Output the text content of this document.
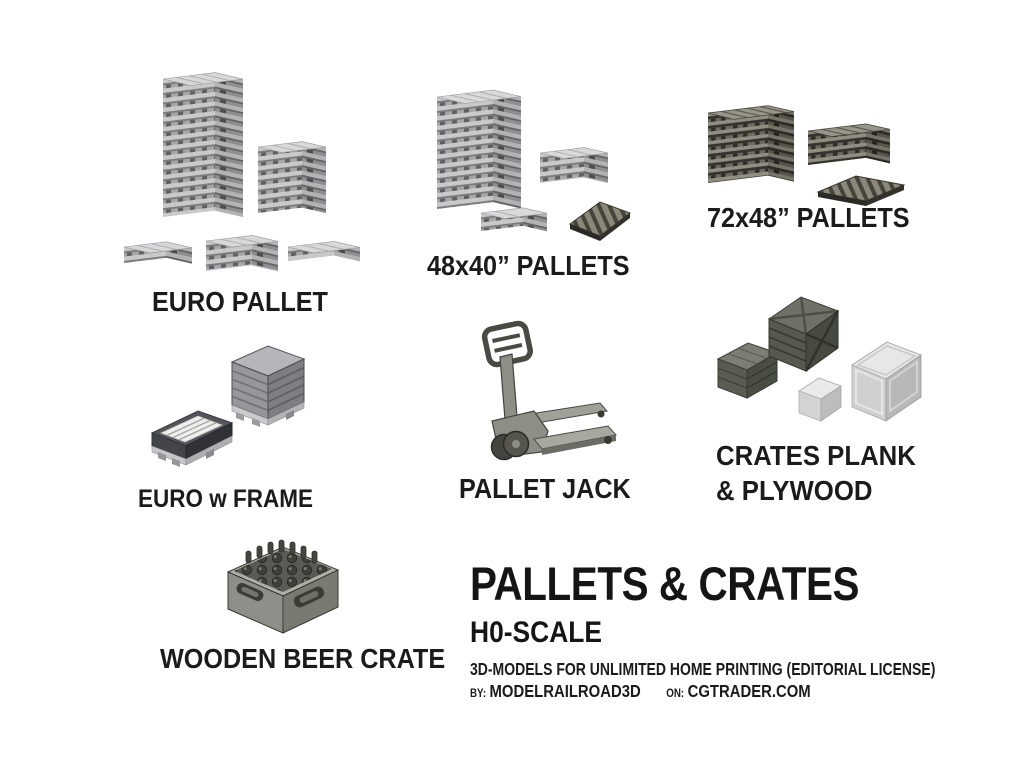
EURO PALLET
48x40” PALLETS
72x48” PALLETS
EURO w FRAME	PALLET JACK
CRATES PLANK
& PLYWOOD
WOODEN BEER CRATE
PALLETS & CRATES
H0-SCALE
3D-MODELS FOR UNLIMITED HOME PRINTING (EDITORIAL LICENSE)
BY: MODELRAILROAD3D ON: CGTRADER.COM
